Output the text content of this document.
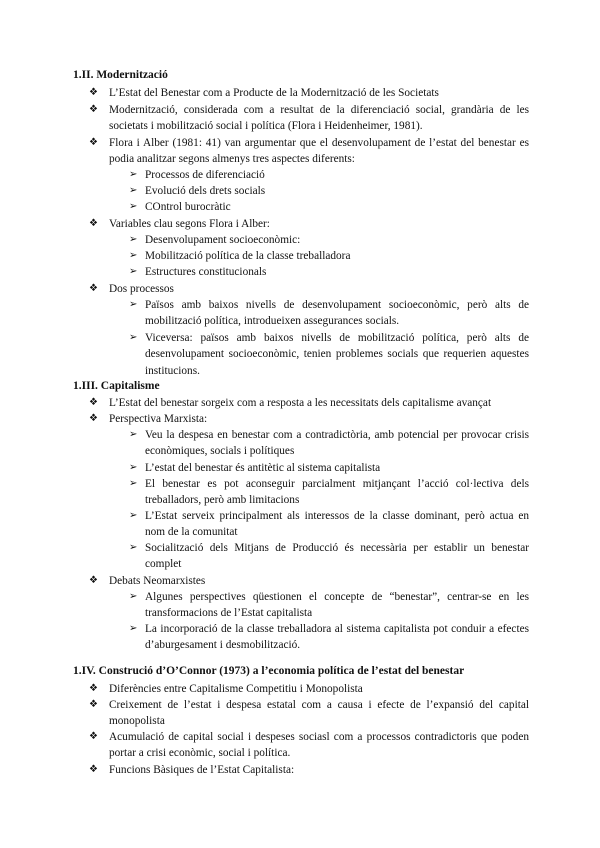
1.II. Modernització
❖ L’Estat del Benestar com a Producte de la Modernització de les Societats
❖ Modernització, considerada com a resultat de la diferenciació social, grandària de les societats i mobilització social i política (Flora i Heidenheimer, 1981).
❖ Flora i Alber (1981: 41) van argumentar que el desenvolupament de l’estat del benestar es podia analitzar segons almenys tres aspectes diferents:
➢ Processos de diferenciació
➢ Evolució dels drets socials
➢ COntrol burocràtic
❖ Variables clau segons Flora i Alber:
➢ Desenvolupament socioeconòmic:
➢ Mobilització política de la classe treballadora
➢ Estructures constitucionals
❖ Dos processos
➢ Països amb baixos nivells de desenvolupament socioeconòmic, però alts de mobilització política, introdueixen assegurances socials.
➢ Viceversa: països amb baixos nivells de mobilització política, però alts de desenvolupament socioeconòmic, tenien problemes socials que requerien aquestes institucions.
1.III. Capitalisme
❖ L’Estat del benestar sorgeix com a resposta a les necessitats dels capitalisme avançat
❖ Perspectiva Marxista:
➢ Veu la despesa en benestar com a contradictòria, amb potencial per provocar crisis econòmiques, socials i polítiques
➢ L’estat del benestar és antitètic al sistema capitalista
➢ El benestar es pot aconseguir parcialment mitjançant l’acció col·lectiva dels treballadors, però amb limitacions
➢ L’Estat serveix principalment als interessos de la classe dominant, però actua en nom de la comunitat
➢ Socialització dels Mitjans de Producció és necessària per establir un benestar complet
❖ Debats Neomarxistes
➢ Algunes perspectives qüestionen el concepte de “benestar”, centrar-se en les transformacions de l’Estat capitalista
➢ La incorporació de la classe treballadora al sistema capitalista pot conduir a efectes d’aburgesament i desmobilització.
1.IV. Construció d’O’Connor (1973) a l’economia política de l’estat del benestar
❖ Diferències entre Capitalisme Competitiu i Monopolista
❖ Creixement de l’estat i despesa estatal com a causa i efecte de l’expansió del capital monopolista
❖ Acumulació de capital social i despeses sociasl com a processos contradictoris que poden portar a crisi econòmic, social i política.
❖ Funcions Bàsiques de l’Estat Capitalista:
